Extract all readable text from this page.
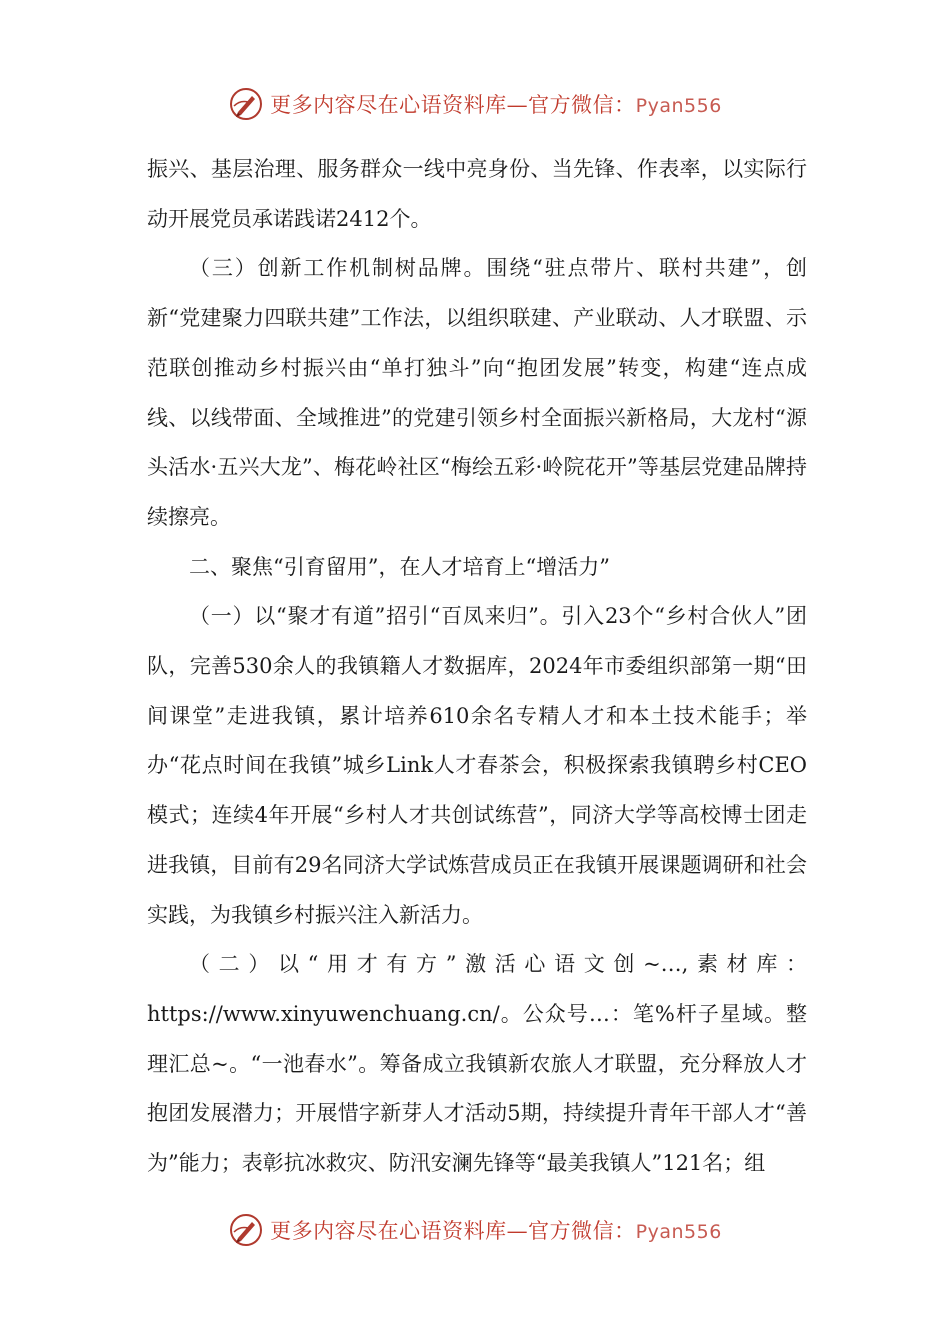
更多内容尽在心语资料库—官方微信：Pyan556

振兴、基层治理、服务群众一线中亮身份、当先锋、作表率，以实际行动开展党员承诺践诺2412个。

（三）创新工作机制树品牌。围绕“驻点带片、联村共建”，创新“党建聚力四联共建”工作法，以组织联建、产业联动、人才联盟、示范联创推动乡村振兴由“单打独斗”向“抱团发展”转变，构建“连点成线、以线带面、全域推进”的党建引领乡村全面振兴新格局，大龙村“源头活水·五兴大龙”、梅花岭社区“梅绘五彩·岭院花开”等基层党建品牌持续擦亮。

二、聚焦“引育留用”，在人才培育上“增活力”

（一）以“聚才有道”招引“百凤来归”。引入23个“乡村合伙人”团队，完善530余人的我镇籍人才数据库，2024年市委组织部第一期“田间课堂”走进我镇，累计培养610余名专精人才和本土技术能手；举办“花点时间在我镇”城乡Link人才春茶会，积极探索我镇聘乡村CEO模式；连续4年开展“乡村人才共创试练营”，同济大学等高校博士团走进我镇，目前有29名同济大学试炼营成员正在我镇开展课题调研和社会实践，为我镇乡村振兴注入新活力。

（二）以“用才有方”激活心语文创~…,素材库：https://www.xinyuwenchuang.cn/。公众号…：笔%杆子星域。整理汇总~。“一池春水”。筹备成立我镇新农旅人才联盟，充分释放人才抱团发展潜力；开展惜字新芽人才活动5期，持续提升青年干部人才“善为”能力；表彰抗冰救灾、防汛安澜先锋等“最美我镇人”121名；组

更多内容尽在心语资料库—官方微信：Pyan556
